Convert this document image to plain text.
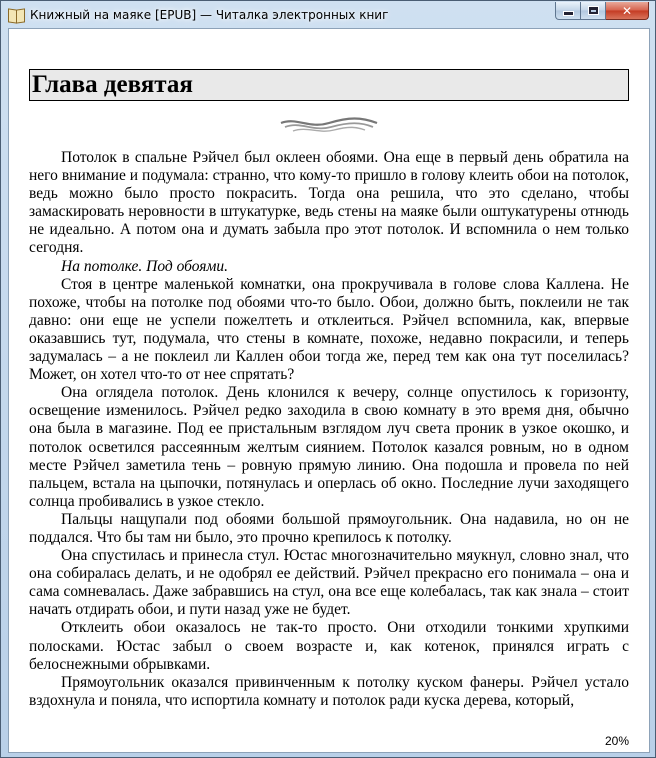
Книжный на маяке [EPUB] — Читалка электронных книг	✕
Глава девятая

Потолок в спальне Рэйчел был оклеен обоями. Она еще в первый день обратила на него внимание и подумала: странно, что кому-то пришло в голову клеить обои на потолок, ведь можно было просто покрасить. Тогда она решила, что это сделано, чтобы замаскировать неровности в штукатурке, ведь стены на маяке были оштукатурены отнюдь не идеально. А потом она и думать забыла про этот потолок. И вспомнила о нем только сегодня.

На потолке. Под обоями.

Стоя в центре маленькой комнатки, она прокручивала в голове слова Каллена. Не похоже, чтобы на потолке под обоями что-то было. Обои, должно быть, поклеили не так давно: они еще не успели пожелтеть и отклеиться. Рэйчел вспомнила, как, впервые оказавшись тут, подумала, что стены в комнате, похоже, недавно покрасили, и теперь задумалась – а не поклеил ли Каллен обои тогда же, перед тем как она тут поселилась? Может, он хотел что-то от нее спрятать?

Она оглядела потолок. День клонился к вечеру, солнце опустилось к горизонту, освещение изменилось. Рэйчел редко заходила в свою комнату в это время дня, обычно она была в магазине. Под ее пристальным взглядом луч света проник в узкое окошко, и потолок осветился рассеянным желтым сиянием. Потолок казался ровным, но в одном месте Рэйчел заметила тень – ровную прямую линию. Она подошла и провела по ней пальцем, встала на цыпочки, потянулась и оперлась об окно. Последние лучи заходящего солнца пробивались в узкое стекло.

Пальцы нащупали под обоями большой прямоугольник. Она надавила, но он не поддался. Что бы там ни было, это прочно крепилось к потолку.

Она спустилась и принесла стул. Юстас многозначительно мяукнул, словно знал, что она собиралась делать, и не одобрял ее действий. Рэйчел прекрасно его понимала – она и сама сомневалась. Даже забравшись на стул, она все еще колебалась, так как знала – стоит начать отдирать обои, и пути назад уже не будет.

Отклеить обои оказалось не так-то просто. Они отходили тонкими хрупкими полосками. Юстас забыл о своем возрасте и, как котенок, принялся играть с белоснежными обрывками.

Прямоугольник оказался привинченным к потолку куском фанеры. Рэйчел устало вздохнула и поняла, что испортила комнату и потолок ради куска дерева, который,

20%
